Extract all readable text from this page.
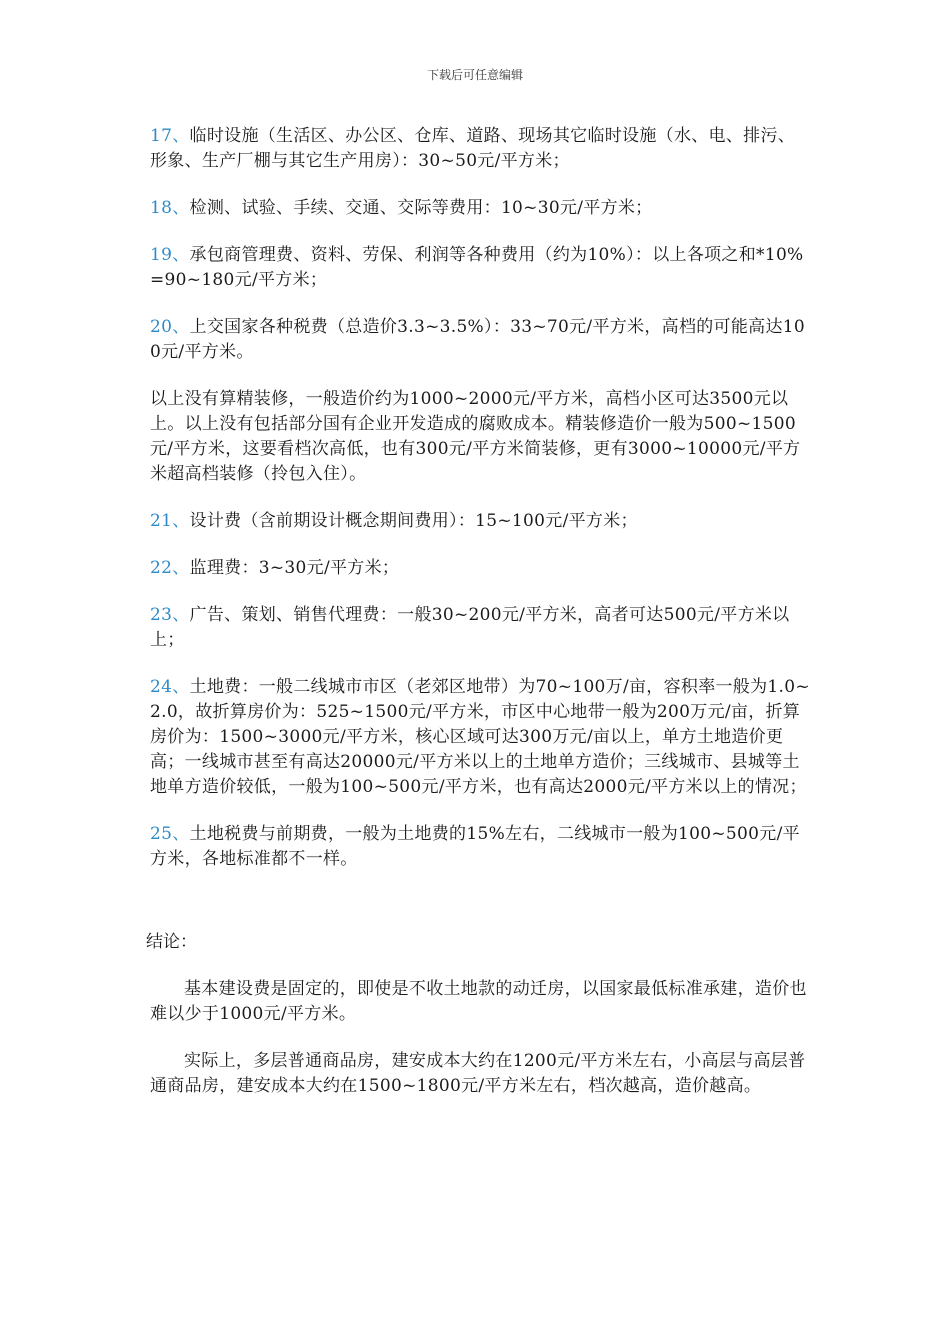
下载后可任意编辑

17、临时设施（生活区、办公区、仓库、道路、现场其它临时设施（水、电、排污、形象、生产厂棚与其它生产用房）：30~50元/平方米；

18、检测、试验、手续、交通、交际等费用：10~30元/平方米；

19、承包商管理费、资料、劳保、利润等各种费用（约为10%）：以上各项之和*10%=90~180元/平方米；

20、上交国家各种税费（总造价3.3~3.5%）：33~70元/平方米，高档的可能高达100元/平方米。

以上没有算精装修，一般造价约为1000~2000元/平方米，高档小区可达3500元以上。以上没有包括部分国有企业开发造成的腐败成本。精装修造价一般为500~1500元/平方米，这要看档次高低，也有300元/平方米简装修，更有3000~10000元/平方米超高档装修（拎包入住）。

21、设计费（含前期设计概念期间费用）：15~100元/平方米；

22、监理费：3~30元/平方米；

23、广告、策划、销售代理费：一般30~200元/平方米，高者可达500元/平方米以上；

24、土地费：一般二线城市市区（老郊区地带）为70~100万/亩，容积率一般为1.0~2.0，故折算房价为：525~1500元/平方米，市区中心地带一般为200万元/亩，折算房价为：1500~3000元/平方米，核心区域可达300万元/亩以上，单方土地造价更高；一线城市甚至有高达20000元/平方米以上的土地单方造价；三线城市、县城等土地单方造价较低，一般为100~500元/平方米，也有高达2000元/平方米以上的情况；

25、土地税费与前期费，一般为土地费的15%左右，二线城市一般为100~500元/平方米，各地标准都不一样。

结论：

基本建设费是固定的，即使是不收土地款的动迁房，以国家最低标准承建，造价也难以少于1000元/平方米。

实际上，多层普通商品房，建安成本大约在1200元/平方米左右，小高层与高层普通商品房，建安成本大约在1500~1800元/平方米左右，档次越高，造价越高。
